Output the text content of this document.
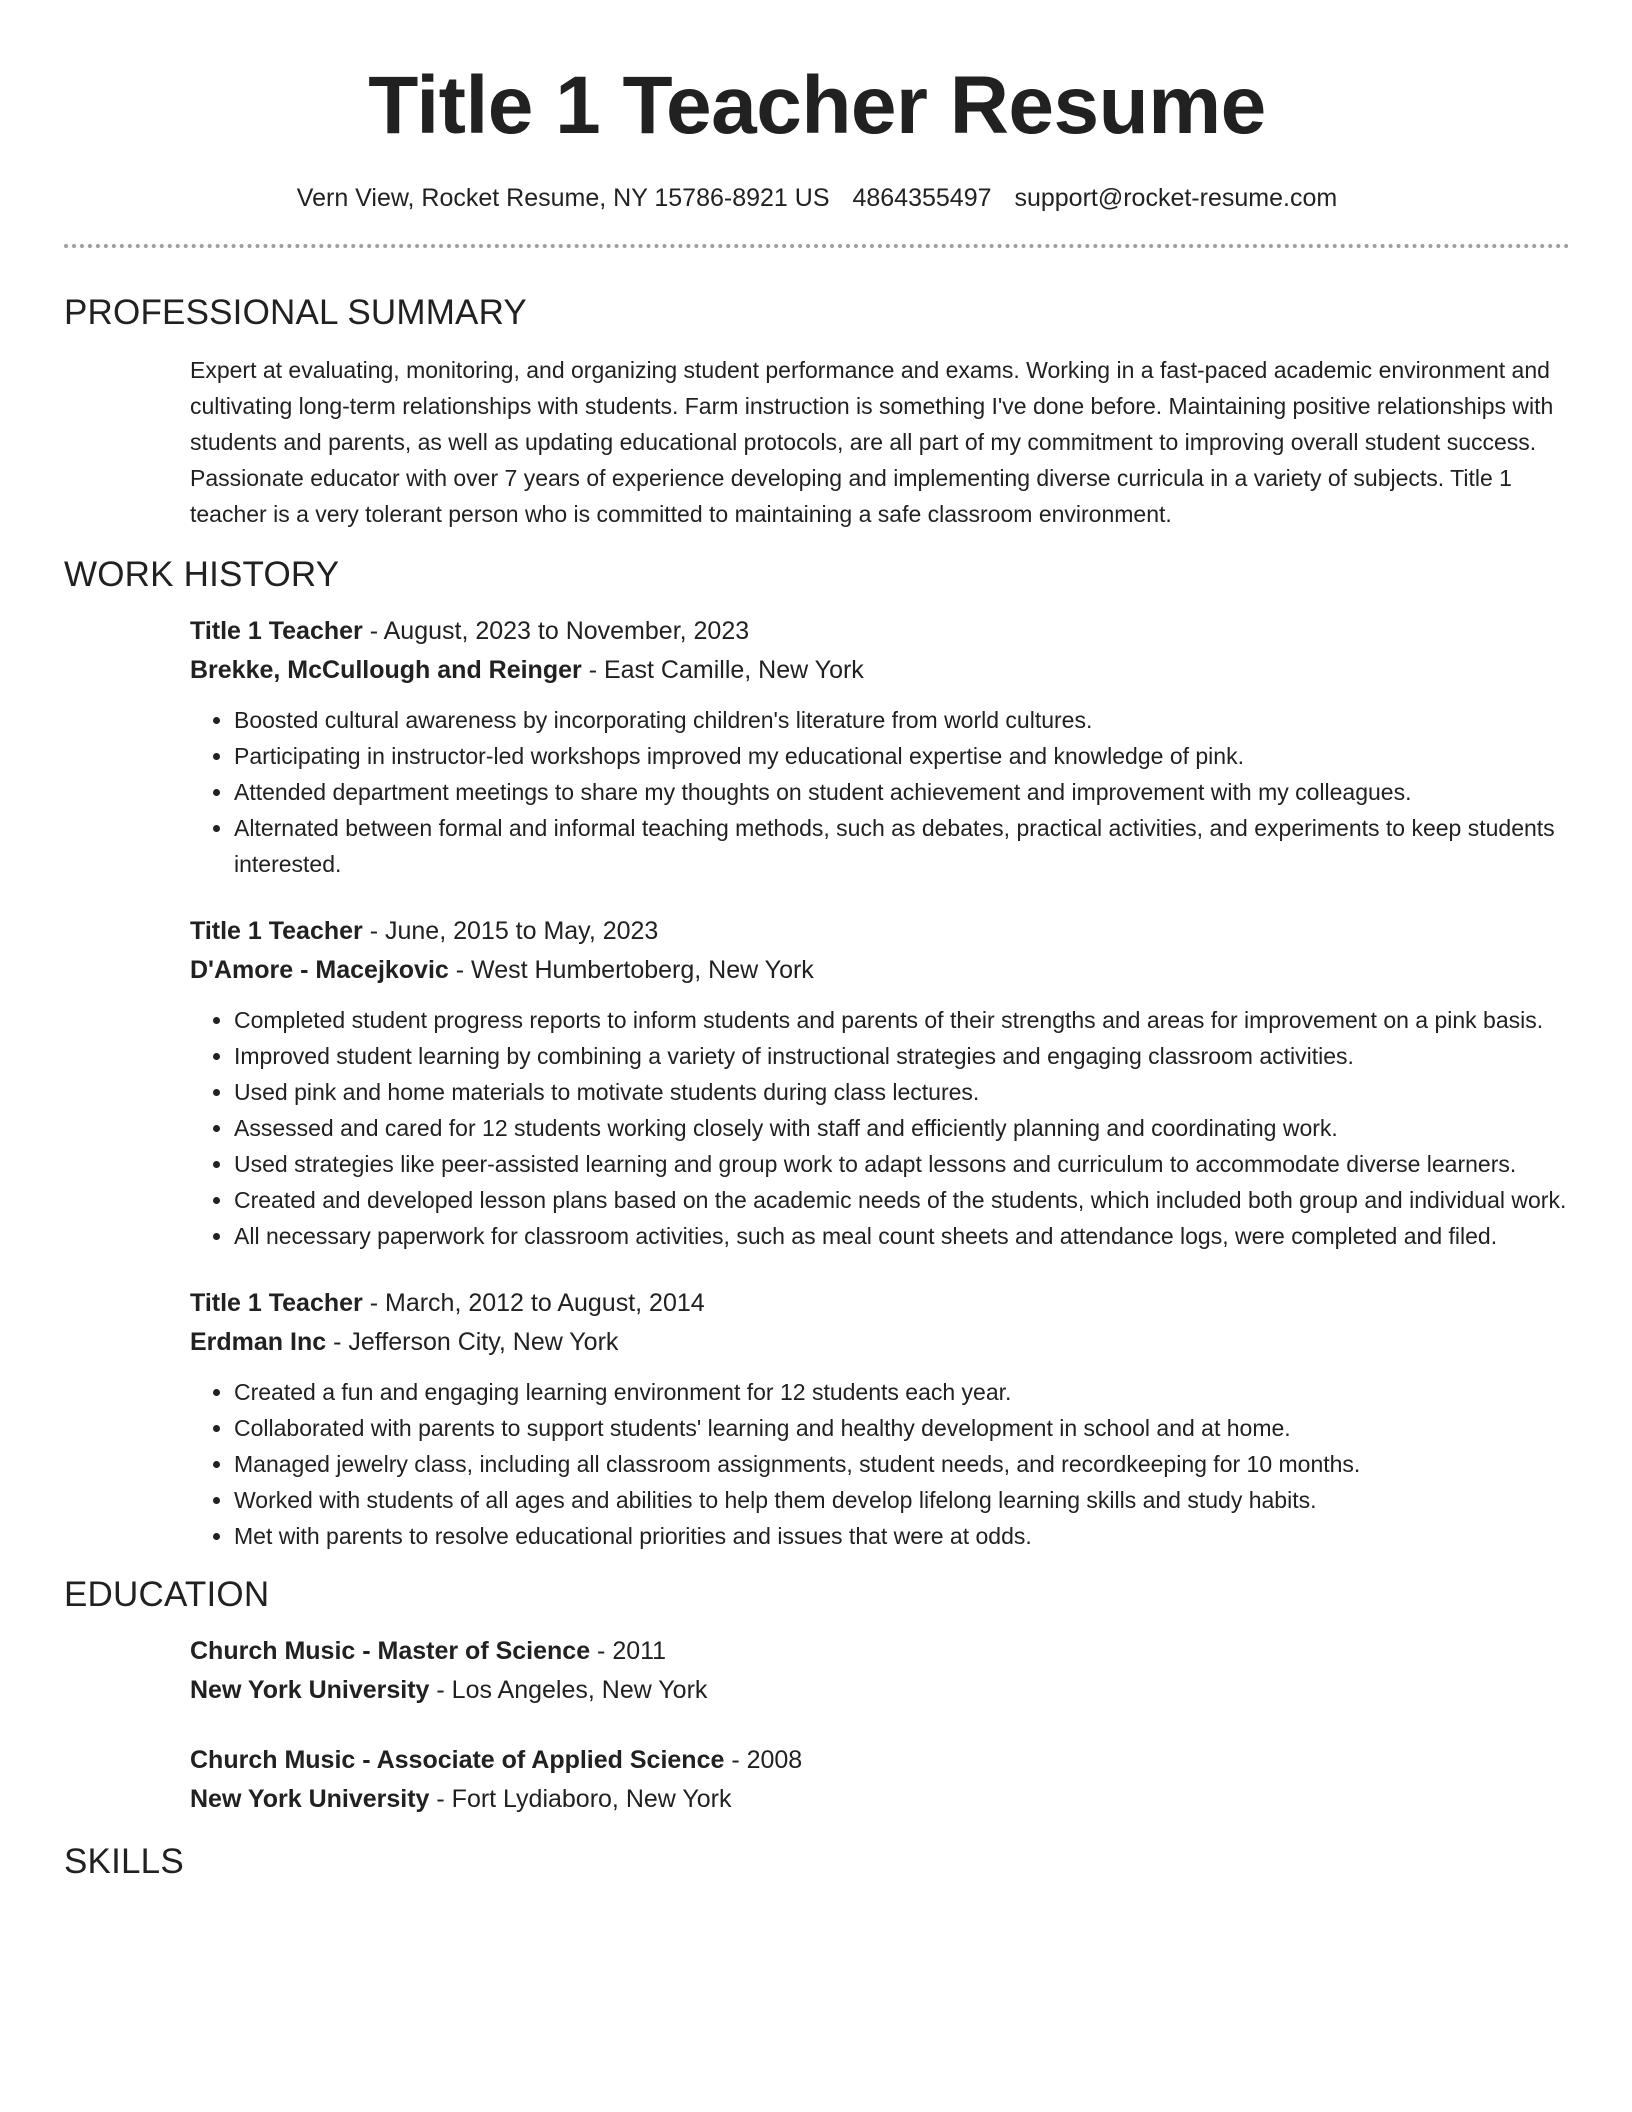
Title 1 Teacher Resume
Vern View, Rocket Resume, NY 15786-8921 US 4864355497 support@rocket-resume.com
PROFESSIONAL SUMMARY

Expert at evaluating, monitoring, and organizing student performance and exams. Working in a fast-paced academic environment and cultivating long-term relationships with students. Farm instruction is something I've done before. Maintaining positive relationships with students and parents, as well as updating educational protocols, are all part of my commitment to improving overall student success. Passionate educator with over 7 years of experience developing and implementing diverse curricula in a variety of subjects. Title 1 teacher is a very tolerant person who is committed to maintaining a safe classroom environment.

WORK HISTORY
Title 1 Teacher - August, 2023 to November, 2023
Brekke, McCullough and Reinger - East Camille, New York
• Boosted cultural awareness by incorporating children's literature from world cultures.
• Participating in instructor-led workshops improved my educational expertise and knowledge of pink.
• Attended department meetings to share my thoughts on student achievement and improvement with my colleagues.
• Alternated between formal and informal teaching methods, such as debates, practical activities, and experiments to keep students interested.
Title 1 Teacher - June, 2015 to May, 2023
D'Amore - Macejkovic - West Humbertoberg, New York
• Completed student progress reports to inform students and parents of their strengths and areas for improvement on a pink basis.
• Improved student learning by combining a variety of instructional strategies and engaging classroom activities.
• Used pink and home materials to motivate students during class lectures.
• Assessed and cared for 12 students working closely with staff and efficiently planning and coordinating work.
• Used strategies like peer-assisted learning and group work to adapt lessons and curriculum to accommodate diverse learners.
• Created and developed lesson plans based on the academic needs of the students, which included both group and individual work.
• All necessary paperwork for classroom activities, such as meal count sheets and attendance logs, were completed and filed.
Title 1 Teacher - March, 2012 to August, 2014
Erdman Inc - Jefferson City, New York
• Created a fun and engaging learning environment for 12 students each year.
• Collaborated with parents to support students' learning and healthy development in school and at home.
• Managed jewelry class, including all classroom assignments, student needs, and recordkeeping for 10 months.
• Worked with students of all ages and abilities to help them develop lifelong learning skills and study habits.
• Met with parents to resolve educational priorities and issues that were at odds.
EDUCATION
Church Music - Master of Science - 2011
New York University - Los Angeles, New York
Church Music - Associate of Applied Science - 2008
New York University - Fort Lydiaboro, New York
SKILLS
